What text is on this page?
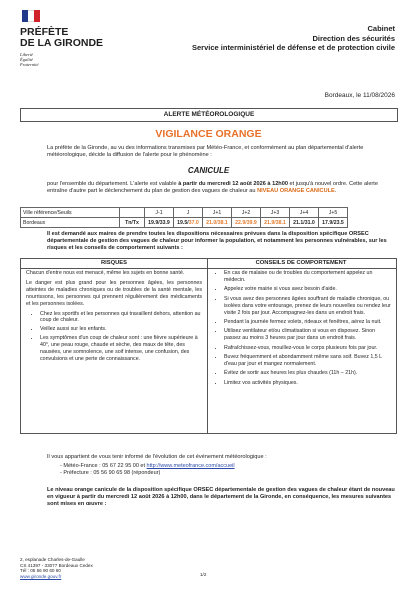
PRÉFÈTE
DE LA GIRONDE
Liberté
Égalité
Fraternité
Cabinet
Direction des sécurités
Service interministériel de défense et de protection civile
Bordeaux, le 11/08/2026
ALERTE MÉTÉOROLOGIQUE
VIGILANCE ORANGE
La préfète de la Gironde, au vu des informations transmises par Météo-France, et conformément au plan départemental d'alerte météorologique, décide la diffusion de l'alerte pour le phénomène :
CANICULE
pour l'ensemble du département. L'alerte est valable à partir du mercredi 12 août 2026 à 12h00 et jusqu'à nouvel ordre. Cette alerte entraîne d'autre part le déclenchement du plan de gestion des vagues de chaleur au NIVEAU ORANGE CANICULE.
Ville référence/Seuils		J-1	J	J+1	J+2	J+3	J+4	J+5
Bordeaux	Tn/Tx	19.9/33.9	19.5/37.0	21.0/38.1	22.9/39.9	21.9/38.1	21.1/31.0	17.9/23.5
Il est demandé aux maires de prendre toutes les dispositions nécessaires prévues dans la disposition spécifique ORSEC départementale de gestion des vagues de chaleur pour informer la population, et notamment les personnes vulnérables, sur les risques et les conseils de comportement suivants :
RISQUES	CONSEILS DE COMPORTEMENT

Chacun d'entre nous est menacé, même les sujets en bonne santé.

Le danger est plus grand pour les personnes âgées, les personnes atteintes de maladies chroniques ou de troubles de la santé mentale, les nourrissons, les personnes qui prennent régulièrement des médicaments et les personnes isolées.

• Chez les sportifs et les personnes qui travaillent dehors, attention au coup de chaleur.
• Veillez aussi sur les enfants.
• Les symptômes d'un coup de chaleur sont : une fièvre supérieure à 40°, une peau rouge, chaude et sèche, des maux de tête, des nausées, une somnolence, une soif intense, une confusion, des convulsions et une perte de connaissance.
• En cas de malaise ou de troubles du comportement appelez un médecin.
• Appelez votre mairie si vous avez besoin d'aide.
• Si vous avez des personnes âgées souffrant de maladie chronique, ou isolées dans votre entourage, prenez de leurs nouvelles ou rendez leur visite 2 fois par jour. Accompagnez-les dans un endroit frais.
• Pendant la journée fermez volets, rideaux et fenêtres, aérez la nuit.
• Utilisez ventilateur et/ou climatisation si vous en disposez. Sinon passez au moins 3 heures par jour dans un endroit frais.
• Rafraîchissez-vous, mouillez-vous le corps plusieurs fois par jour.
• Buvez fréquemment et abondamment même sans soif. Buvez 1,5 L d'eau par jour et mangez normalement.
• Évitez de sortir aux heures les plus chaudes (11h – 21h).
• Limitez vos activités physiques.
Il vous appartient de vous tenir informé de l'évolution de cet événement météorologique :
- Météo-France : 05 67 22 95 00 et http://www.meteofrance.com/accueil
- Préfecture : 05 56 90 65 98 (répondeur)
Le niveau orange canicule de la disposition spécifique ORSEC départementale de gestion des vagues de chaleur étant de nouveau en vigueur à partir du mercredi 12 août 2026 à 12h00, dans le département de la Gironde, en conséquence, les mesures suivantes sont mises en œuvre :
2, esplanade Charles-de-Gaulle
CS 41397 - 33077 Bordeaux Cedex
Tél : 05 56 90 60 60
www.gironde.gouv.fr	1/2
